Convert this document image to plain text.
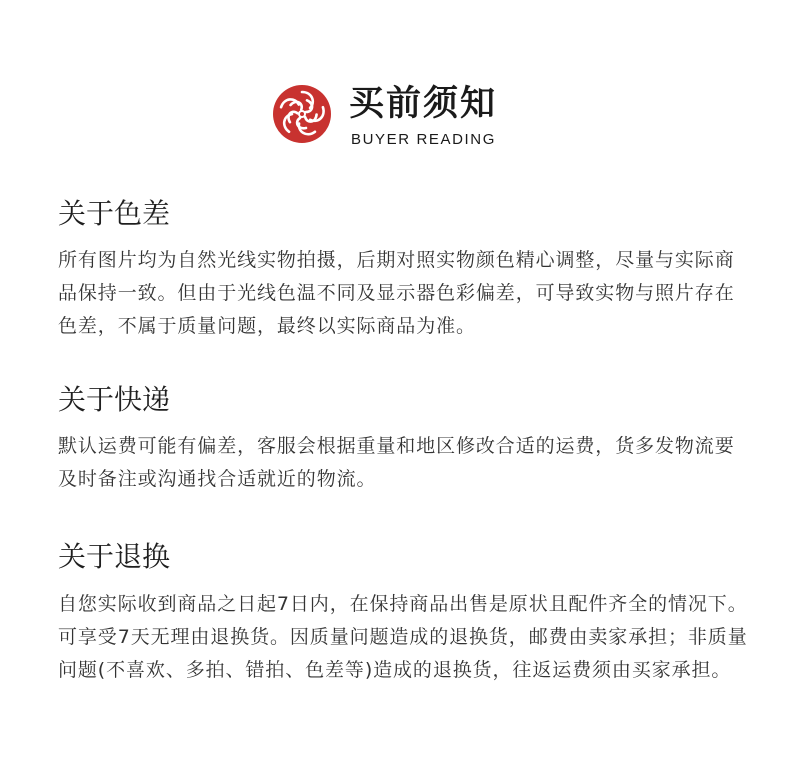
买前须知
BUYER READING
关于色差

所有图片均为自然光线实物拍摄，后期对照实物颜色精心调整，尽量与实际商品保持一致。但由于光线色温不同及显示器色彩偏差，可导致实物与照片存在色差，不属于质量问题，最终以实际商品为准。

关于快递

默认运费可能有偏差，客服会根据重量和地区修改合适的运费，货多发物流要及时备注或沟通找合适就近的物流。

关于退换

自您实际收到商品之日起7日内，在保持商品出售是原状且配件齐全的情况下。可享受7天无理由退换货。因质量问题造成的退换货，邮费由卖家承担；非质量问题(不喜欢、多拍、错拍、色差等)造成的退换货，往返运费须由买家承担。
